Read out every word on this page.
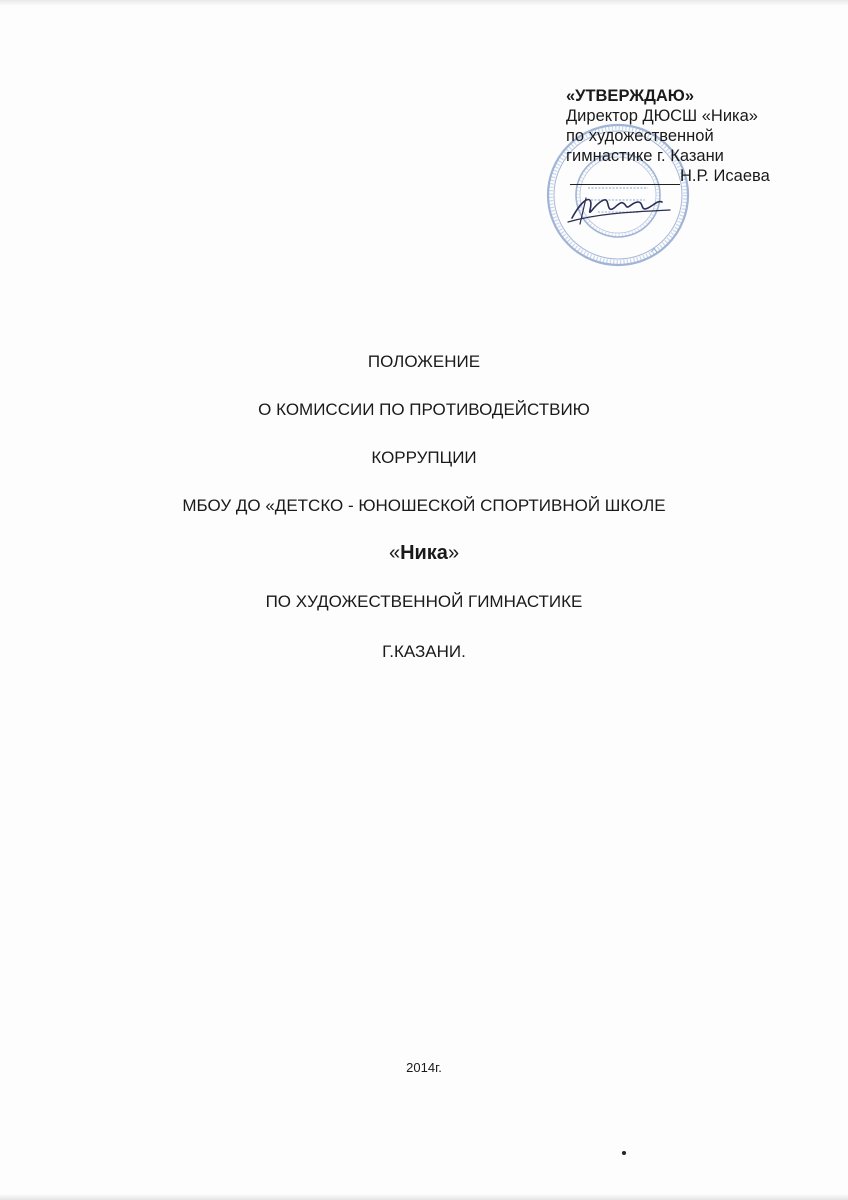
«УТВЕРЖДАЮ»
Директор ДЮСШ «Ника»
по художественной
гимнастике г. Казани
Н.Р. Исаева
ПОЛОЖЕНИЕ
О КОМИССИИ ПО ПРОТИВОДЕЙСТВИЮ
КОРРУПЦИИ
МБОУ ДО «ДЕТСКО - ЮНОШЕСКОЙ СПОРТИВНОЙ ШКОЛЕ
«Ника»
ПО ХУДОЖЕСТВЕННОЙ ГИМНАСТИКЕ
Г.КАЗАНИ.
2014г.
